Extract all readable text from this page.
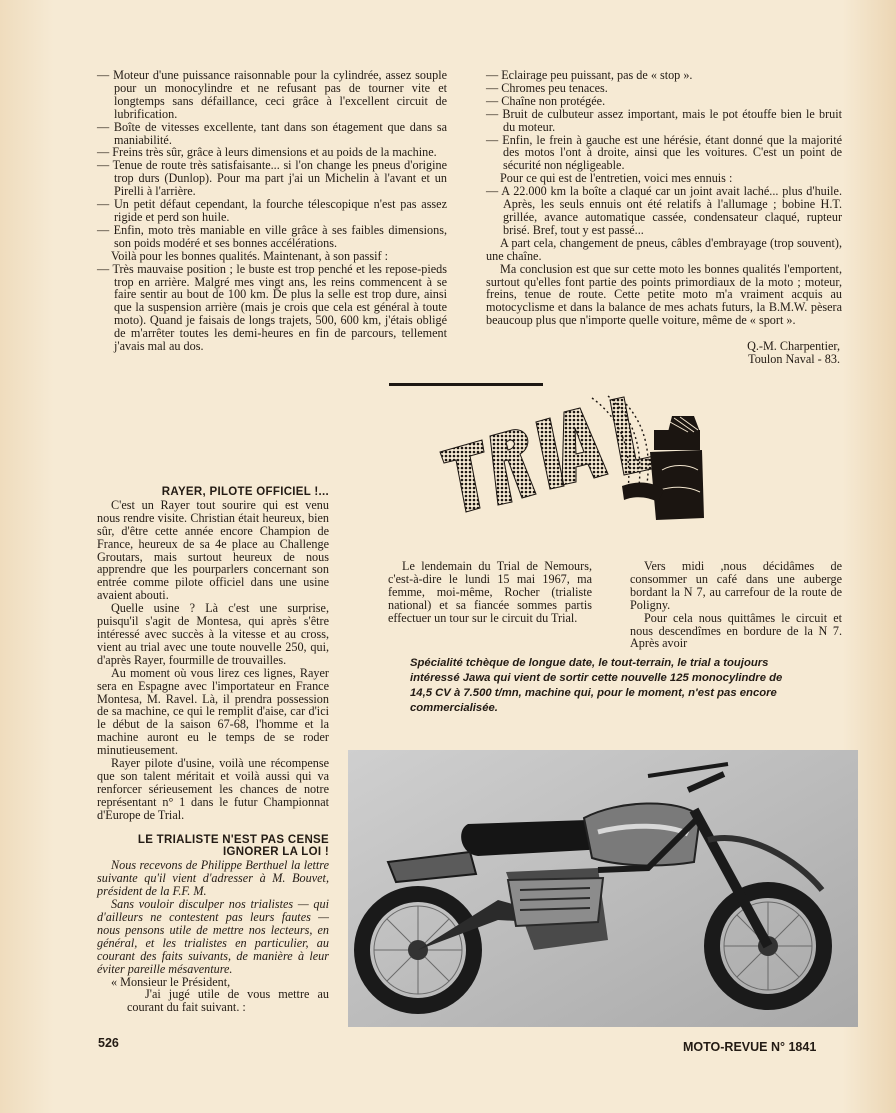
— Moteur d'une puissance raisonnable pour la cylindrée, assez souple pour un monocylindre et ne refusant pas de tourner vite et longtemps sans défaillance, ceci grâce à l'excellent circuit de lubrification.

— Boîte de vitesses excellente, tant dans son étagement que dans sa maniabilité.

— Freins très sûr, grâce à leurs dimensions et au poids de la machine.

— Tenue de route très satisfaisante... si l'on change les pneus d'origine trop durs (Dunlop). Pour ma part j'ai un Michelin à l'avant et un Pirelli à l'arrière.

— Un petit défaut cependant, la fourche télescopique n'est pas assez rigide et perd son huile.

— Enfin, moto très maniable en ville grâce à ses faibles dimensions, son poids modéré et ses bonnes accélérations.

Voilà pour les bonnes qualités. Maintenant, à son passif :

— Très mauvaise position ; le buste est trop penché et les repose-pieds trop en arrière. Malgré mes vingt ans, les reins commencent à se faire sentir au bout de 100 km. De plus la selle est trop dure, ainsi que la suspension arrière (mais je crois que cela est général à toute moto). Quand je faisais de longs trajets, 500, 600 km, j'étais obligé de m'arrêter toutes les demi-heures en fin de parcours, tellement j'avais mal au dos.

— Eclairage peu puissant, pas de « stop ».

— Chromes peu tenaces.

— Chaîne non protégée.

— Bruit de culbuteur assez important, mais le pot étouffe bien le bruit du moteur.

— Enfin, le frein à gauche est une hérésie, étant donné que la majorité des motos l'ont à droite, ainsi que les voitures. C'est un point de sécurité non négligeable.

Pour ce qui est de l'entretien, voici mes ennuis :

— A 22.000 km la boîte a claqué car un joint avait laché... plus d'huile. Après, les seuls ennuis ont été relatifs à l'allumage ; bobine H.T. grillée, avance automatique cassée, condensateur claqué, rupteur brisé. Bref, tout y est passé...

A part cela, changement de pneus, câbles d'embrayage (trop souvent), une chaîne.

Ma conclusion est que sur cette moto les bonnes qualités l'emportent, surtout qu'elles font partie des points primordiaux de la moto ; moteur, freins, tenue de route. Cette petite moto m'a vraiment acquis au motocyclisme et dans la balance de mes achats futurs, la B.M.W. pèsera beaucoup plus que n'importe quelle voiture, même de « sport ».

Q.-M. Charpentier,

Toulon Naval - 83.

RAYER, PILOTE OFFICIEL !...

C'est un Rayer tout sourire qui est venu nous rendre visite. Christian était heureux, bien sûr, d'être cette année encore Champion de France, heureux de sa 4e place au Challenge Groutars, mais surtout heureux de nous apprendre que les pourparlers concernant son entrée comme pilote officiel dans une usine avaient abouti.

Quelle usine ? Là c'est une surprise, puisqu'il s'agit de Montesa, qui après s'être intéressé avec succès à la vitesse et au cross, vient au trial avec une toute nouvelle 250, qui, d'après Rayer, fourmille de trouvailles.

Au moment où vous lirez ces lignes, Rayer sera en Espagne avec l'importateur en France Montesa, M. Ravel. Là, il prendra possession de sa machine, ce qui le remplit d'aise, car d'ici le début de la saison 67-68, l'homme et la machine auront eu le temps de se roder minutieusement.

Rayer pilote d'usine, voilà une récompense que son talent méritait et voilà aussi qui va renforcer sérieusement les chances de notre représentant n° 1 dans le futur Championnat d'Europe de Trial.

LE TRIALISTE N'EST PAS CENSE IGNORER LA LOI !

Nous recevons de Philippe Berthuel la lettre suivante qu'il vient d'adresser à M. Bouvet, président de la F.F. M.

Sans vouloir disculper nos trialistes — qui d'ailleurs ne contestent pas leurs fautes — nous pensons utile de mettre nos lecteurs, en général, et les trialistes en particulier, au courant des faits suivants, de manière à leur éviter pareille mésaventure.

« Monsieur le Président,

J'ai jugé utile de vous mettre au courant du fait suivant. :

Le lendemain du Trial de Nemours, c'est-à-dire le lundi 15 mai 1967, ma femme, moi-même, Rocher (trialiste national) et sa fiancée sommes partis effectuer un tour sur le circuit du Trial.

Vers midi ,nous décidâmes de consommer un café dans une auberge bordant la N 7, au carrefour de la route de Poligny.

Pour cela nous quittâmes le circuit et nous descendîmes en bordure de la N 7. Après avoir

Spécialité tchèque de longue date, le tout-terrain, le trial a toujours intéressé Jawa qui vient de sortir cette nouvelle 125 monocylindre de 14,5 CV à 7.500 t/mn, machine qui, pour le moment, n'est pas encore commercialisée.
526	MOTO-REVUE N° 1841
